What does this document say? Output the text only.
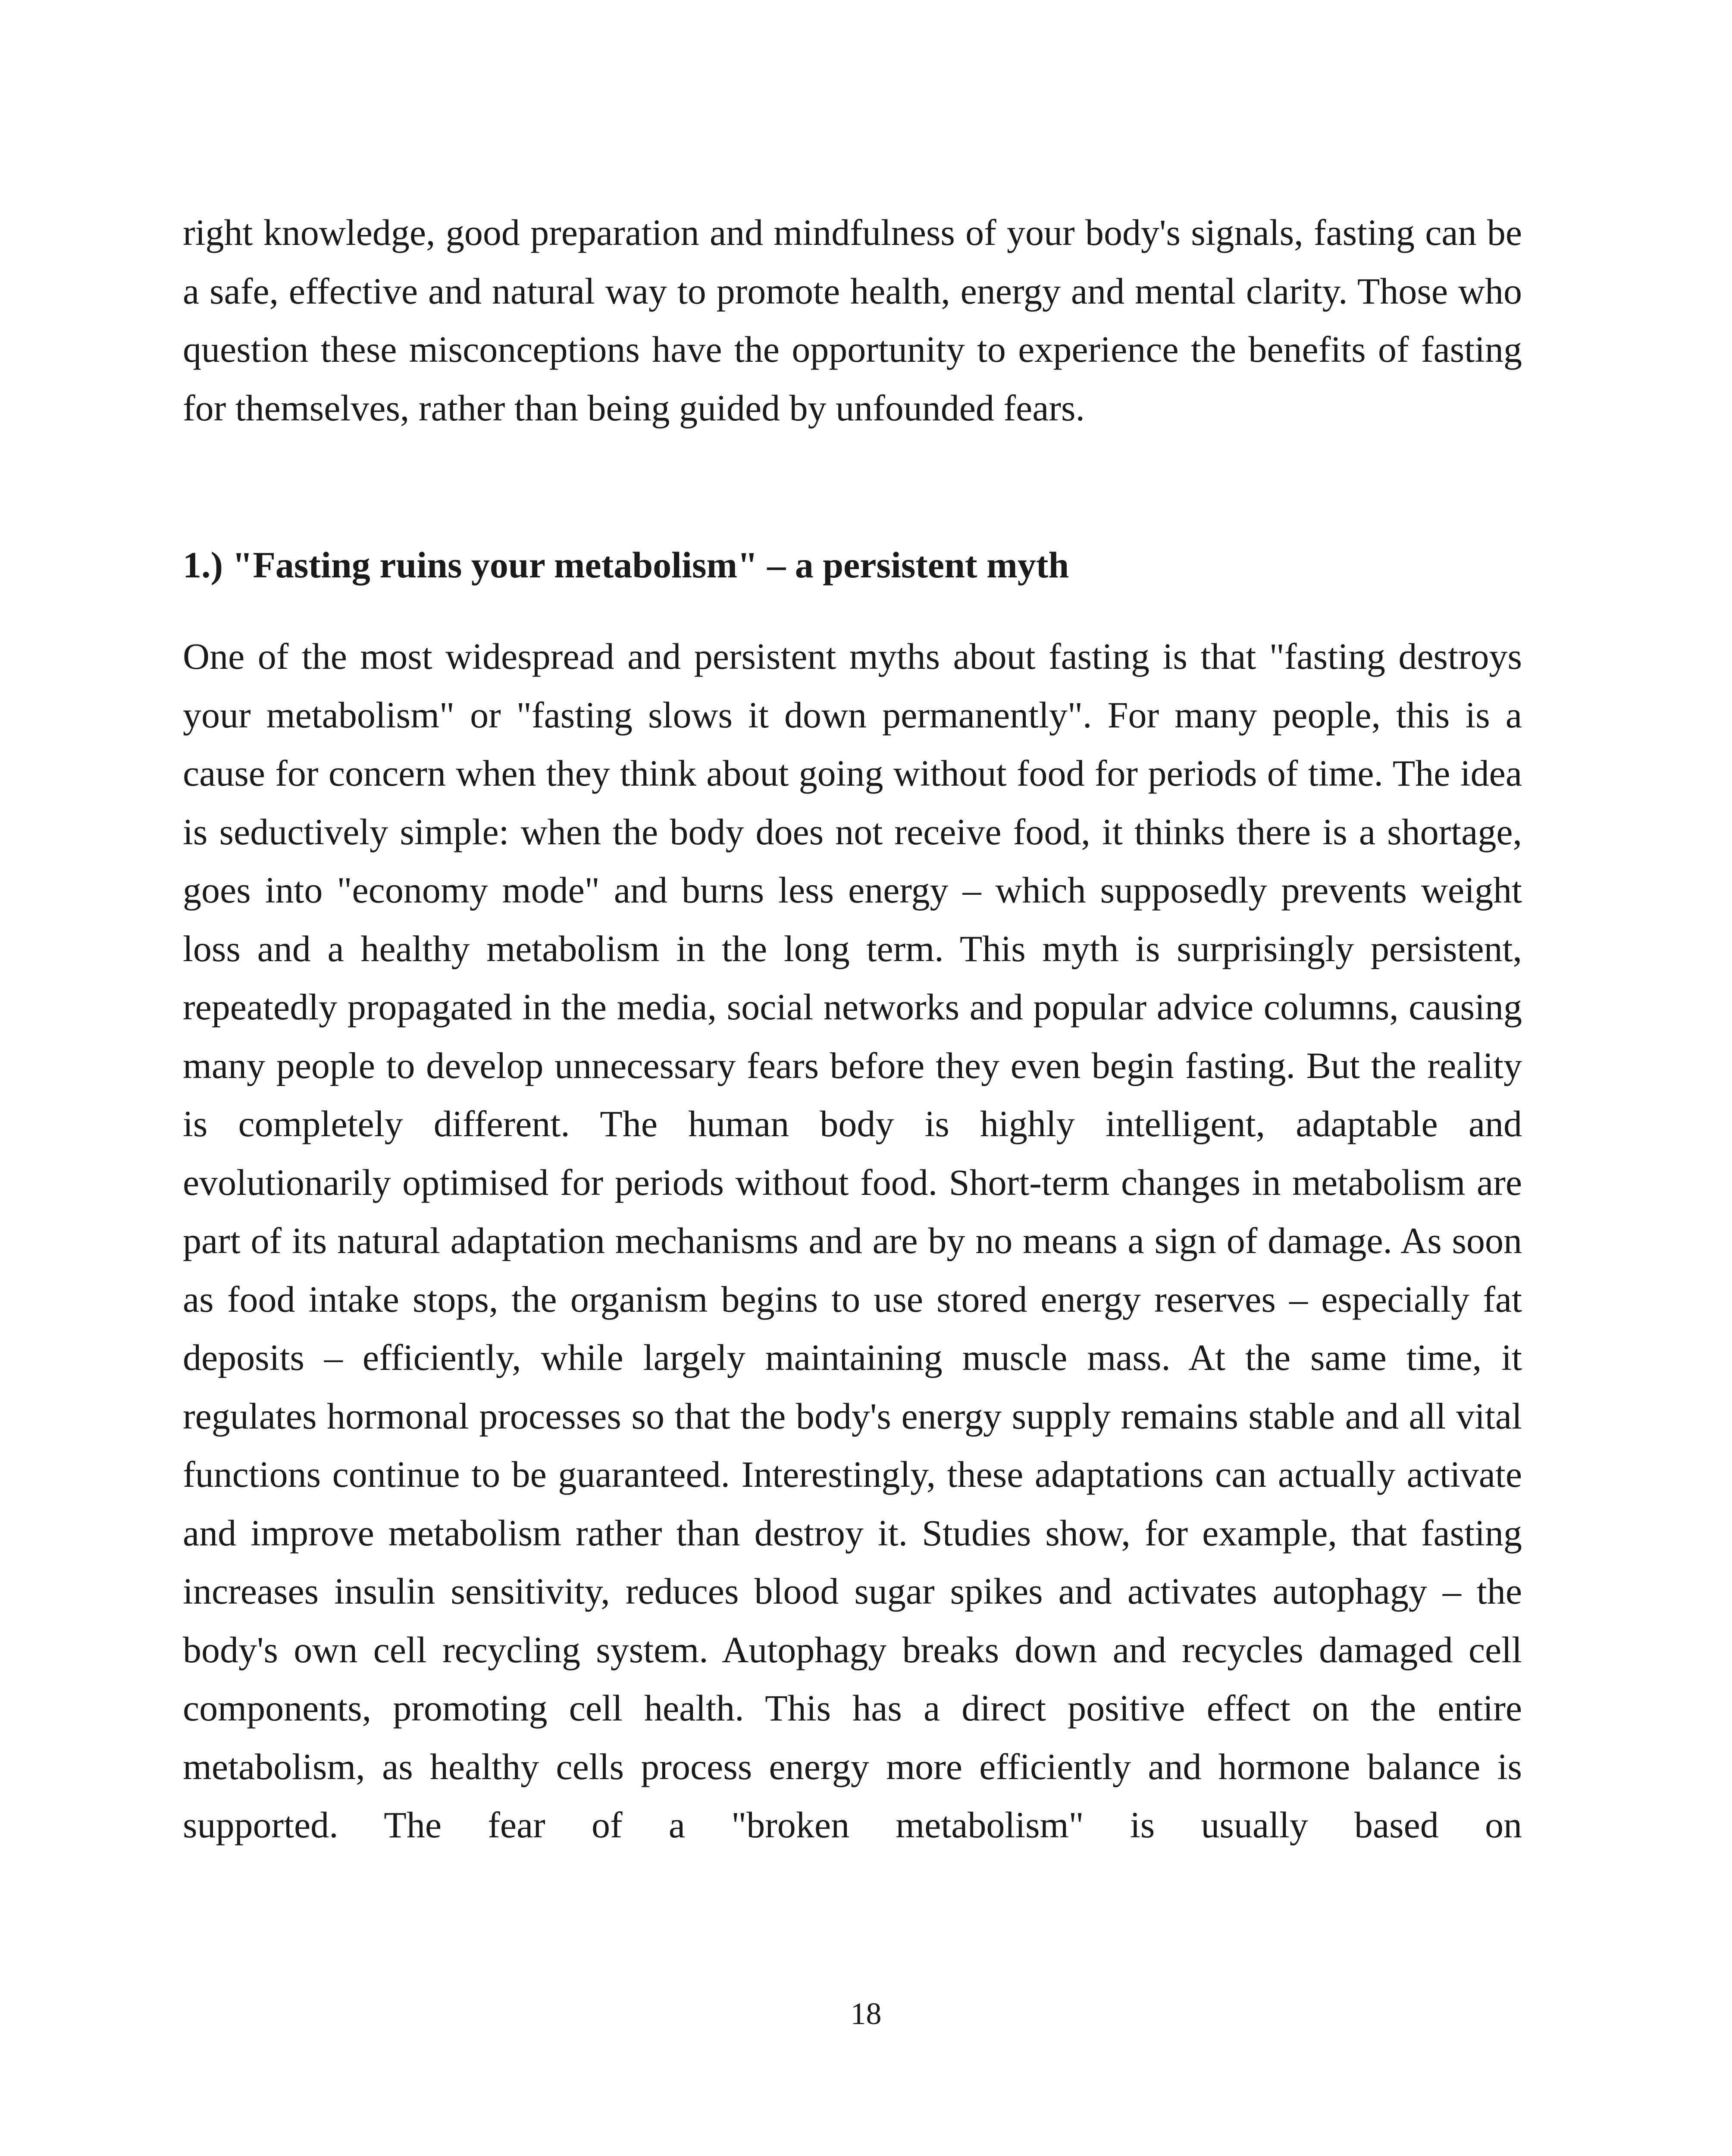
right knowledge, good preparation and mindfulness of your body's signals, fasting can be a safe, effective and natural way to promote health, energy and mental clarity. Those who question these misconceptions have the opportunity to experience the benefits of fasting for themselves, rather than being guided by unfounded fears.

1.) "Fasting ruins your metabolism" – a persistent myth

One of the most widespread and persistent myths about fasting is that "fasting destroys your metabolism" or "fasting slows it down permanently". For many people, this is a cause for concern when they think about going without food for periods of time. The idea is seductively simple: when the body does not receive food, it thinks there is a shortage, goes into "economy mode" and burns less energy – which supposedly prevents weight loss and a healthy metabolism in the long term. This myth is surprisingly persistent, repeatedly propagated in the media, social networks and popular advice columns, causing many people to develop unnecessary fears before they even begin fasting. But the reality is completely different. The human body is highly intelligent, adaptable and evolutionarily optimised for periods without food. Short-term changes in metabolism are part of its natural adaptation mechanisms and are by no means a sign of damage. As soon as food intake stops, the organism begins to use stored energy reserves – especially fat deposits – efficiently, while largely maintaining muscle mass. At the same time, it regulates hormonal processes so that the body's energy supply remains stable and all vital functions continue to be guaranteed. Interestingly, these adaptations can actually activate and improve metabolism rather than destroy it. Studies show, for example, that fasting increases insulin sensitivity, reduces blood sugar spikes and activates autophagy – the body's own cell recycling system. Autophagy breaks down and recycles damaged cell components, promoting cell health. This has a direct positive effect on the entire metabolism, as healthy cells process energy more efficiently and hormone balance is supported. The fear of a "broken metabolism" is usually based on

18
